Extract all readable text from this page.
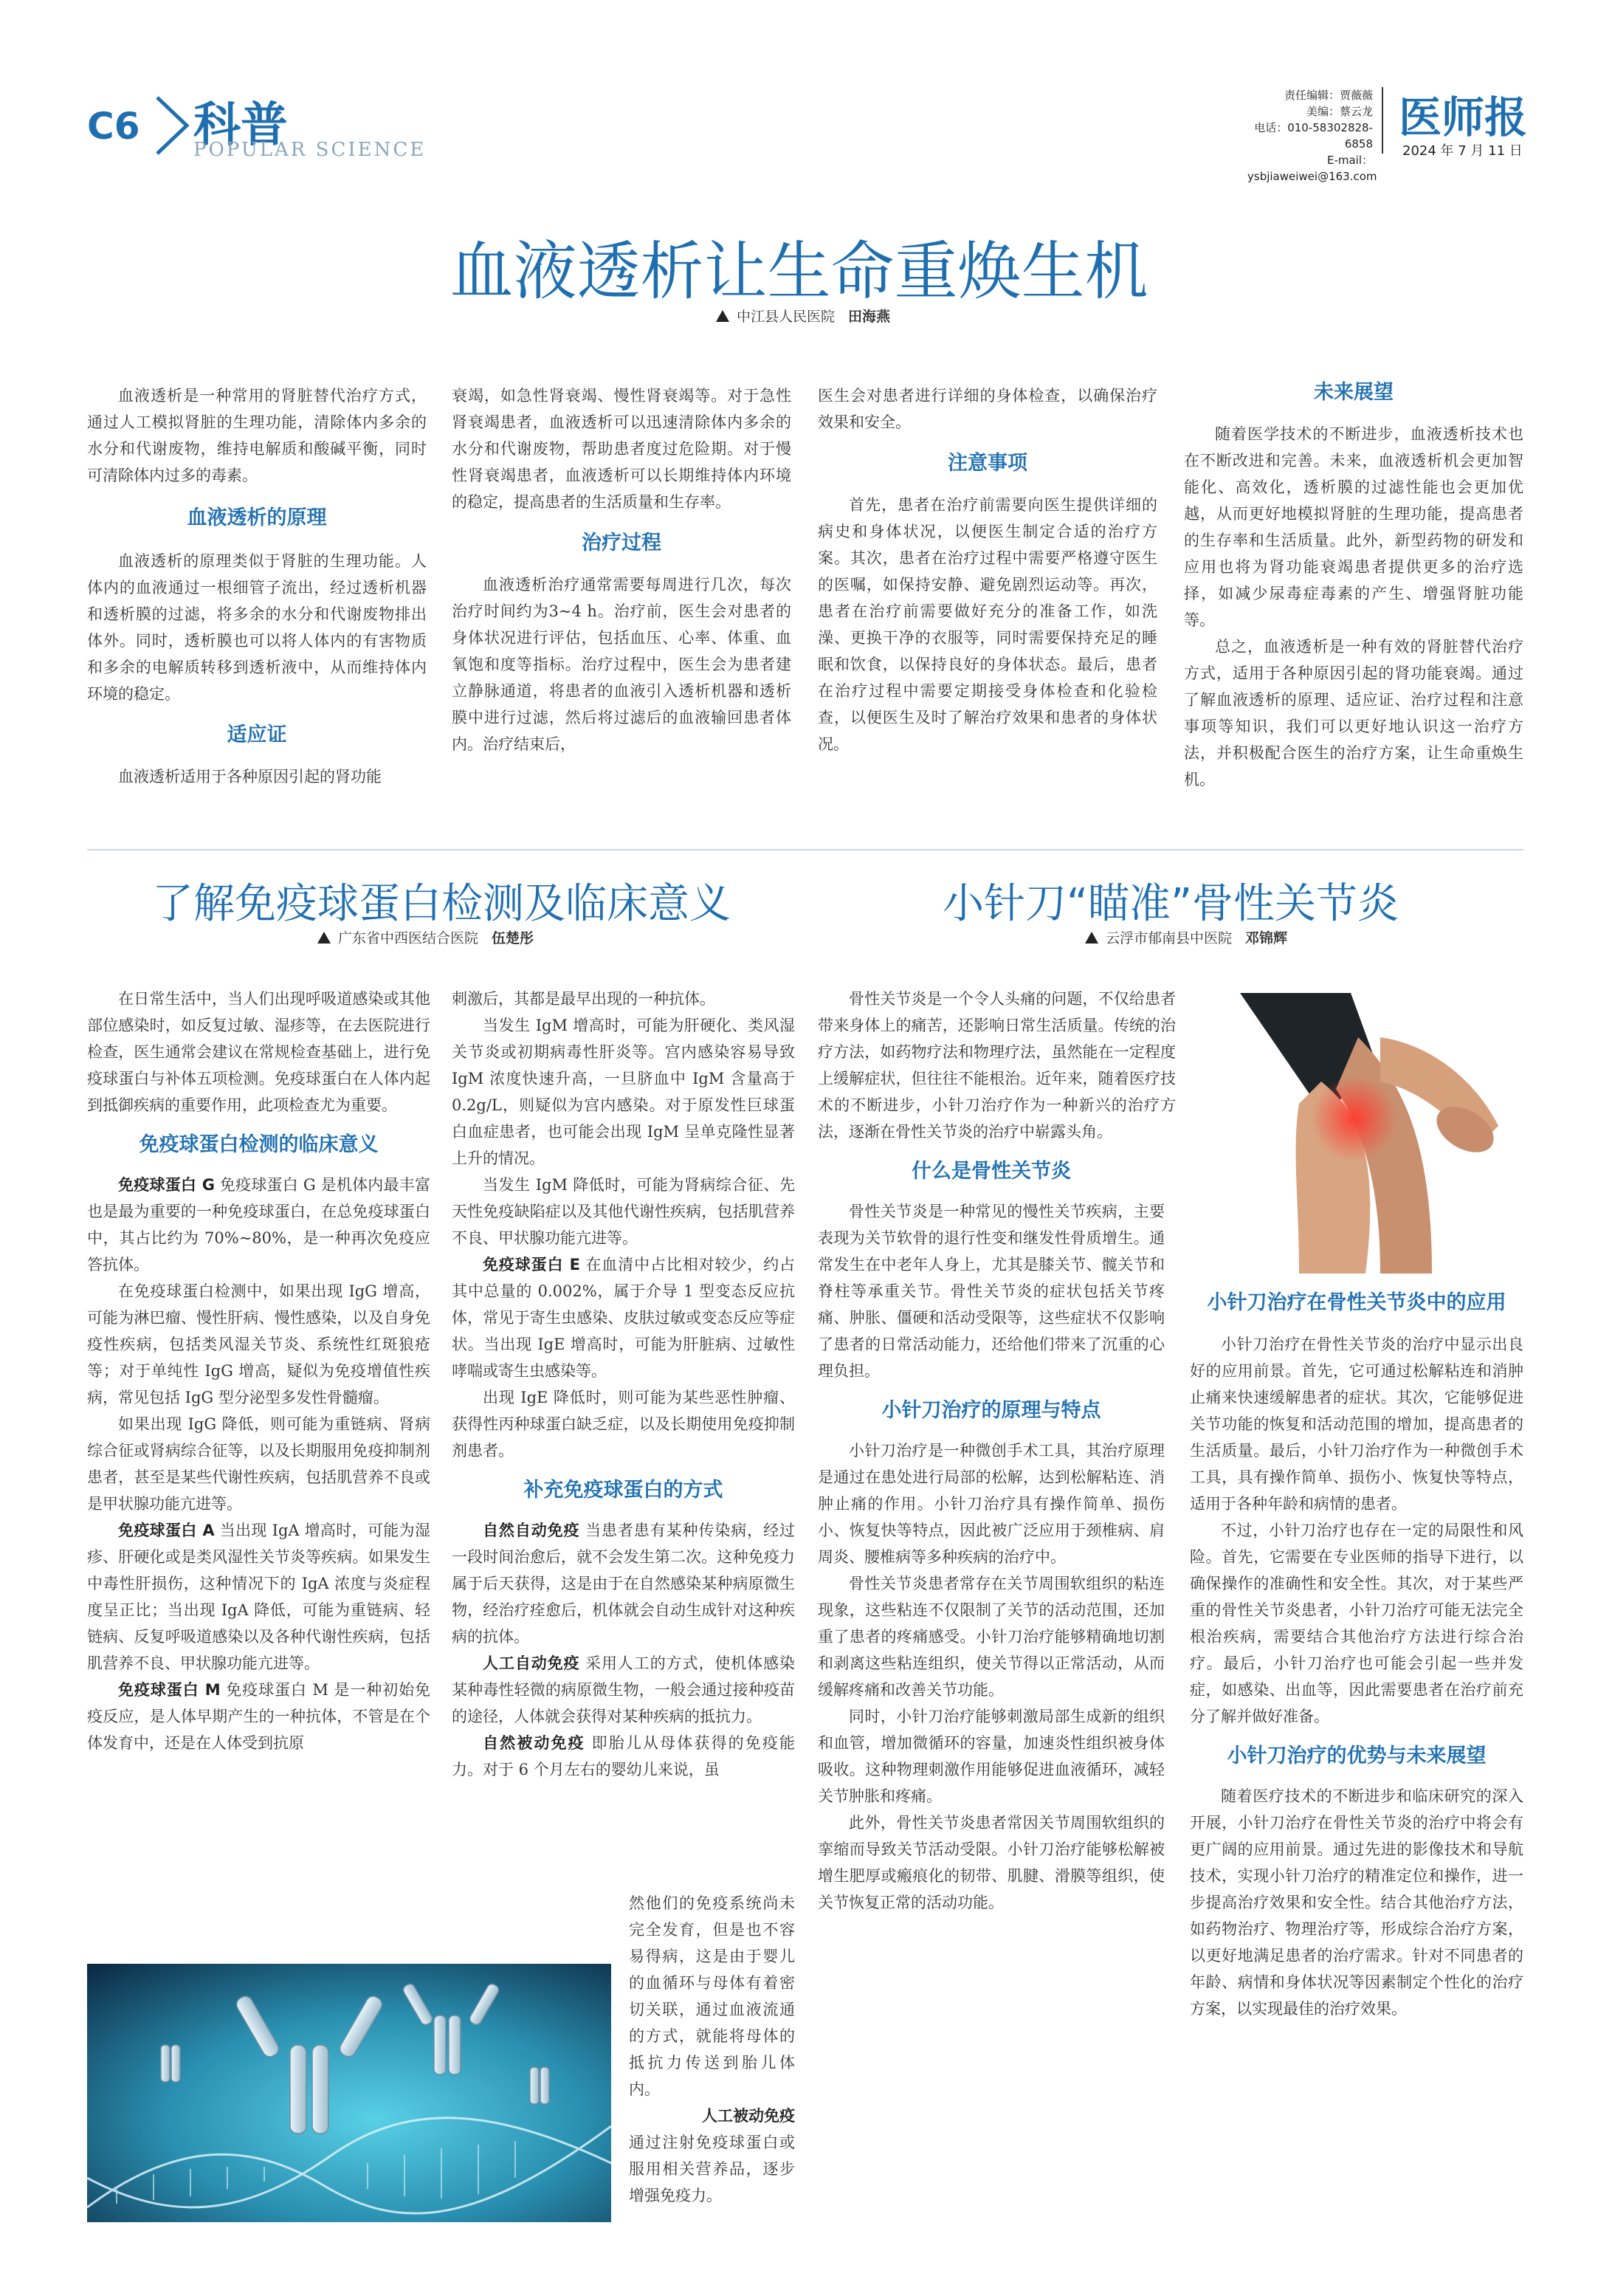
C6 科普
POPULAR SCIENCE
责任编辑：贾薇薇
美编：蔡云龙
电话：010-58302828-6858
E-mail：ysbjiaweiwei@163.com
医师报
2024 年 7 月 11 日
血液透析让生命重焕生机
中江县人民医院 田海燕

血液透析是一种常用的肾脏替代治疗方式，通过人工模拟肾脏的生理功能，清除体内多余的水分和代谢废物，维持电解质和酸碱平衡，同时可清除体内过多的毒素。

血液透析的原理

血液透析的原理类似于肾脏的生理功能。人体内的血液通过一根细管子流出，经过透析机器和透析膜的过滤，将多余的水分和代谢废物排出体外。同时，透析膜也可以将人体内的有害物质和多余的电解质转移到透析液中，从而维持体内环境的稳定。

适应证

血液透析适用于各种原因引起的肾功能

衰竭，如急性肾衰竭、慢性肾衰竭等。对于急性肾衰竭患者，血液透析可以迅速清除体内多余的水分和代谢废物，帮助患者度过危险期。对于慢性肾衰竭患者，血液透析可以长期维持体内环境的稳定，提高患者的生活质量和生存率。

治疗过程

血液透析治疗通常需要每周进行几次，每次治疗时间约为3~4 h。治疗前，医生会对患者的身体状况进行评估，包括血压、心率、体重、血氧饱和度等指标。治疗过程中，医生会为患者建立静脉通道，将患者的血液引入透析机器和透析膜中进行过滤，然后将过滤后的血液输回患者体内。治疗结束后，

医生会对患者进行详细的身体检查，以确保治疗效果和安全。

注意事项

首先，患者在治疗前需要向医生提供详细的病史和身体状况，以便医生制定合适的治疗方案。其次，患者在治疗过程中需要严格遵守医生的医嘱，如保持安静、避免剧烈运动等。再次，患者在治疗前需要做好充分的准备工作，如洗澡、更换干净的衣服等，同时需要保持充足的睡眠和饮食，以保持良好的身体状态。最后，患者在治疗过程中需要定期接受身体检查和化验检查，以便医生及时了解治疗效果和患者的身体状况。

未来展望

随着医学技术的不断进步，血液透析技术也在不断改进和完善。未来，血液透析机会更加智能化、高效化，透析膜的过滤性能也会更加优越，从而更好地模拟肾脏的生理功能，提高患者的生存率和生活质量。此外，新型药物的研发和应用也将为肾功能衰竭患者提供更多的治疗选择，如减少尿毒症毒素的产生、增强肾脏功能等。

总之，血液透析是一种有效的肾脏替代治疗方式，适用于各种原因引起的肾功能衰竭。通过了解血液透析的原理、适应证、治疗过程和注意事项等知识，我们可以更好地认识这一治疗方法，并积极配合医生的治疗方案，让生命重焕生机。

了解免疫球蛋白检测及临床意义
广东省中西医结合医院 伍楚彤

在日常生活中，当人们出现呼吸道感染或其他部位感染时，如反复过敏、湿疹等，在去医院进行检查，医生通常会建议在常规检查基础上，进行免疫球蛋白与补体五项检测。免疫球蛋白在人体内起到抵御疾病的重要作用，此项检查尤为重要。

免疫球蛋白检测的临床意义

免疫球蛋白 G 免疫球蛋白 G 是机体内最丰富也是最为重要的一种免疫球蛋白，在总免疫球蛋白中，其占比约为 70%~80%，是一种再次免疫应答抗体。

在免疫球蛋白检测中，如果出现 IgG 增高，可能为淋巴瘤、慢性肝病、慢性感染，以及自身免疫性疾病，包括类风湿关节炎、系统性红斑狼疮等；对于单纯性 IgG 增高，疑似为免疫增值性疾病，常见包括 IgG 型分泌型多发性骨髓瘤。

如果出现 IgG 降低，则可能为重链病、肾病综合征或肾病综合征等，以及长期服用免疫抑制剂患者，甚至是某些代谢性疾病，包括肌营养不良或是甲状腺功能亢进等。

免疫球蛋白 A 当出现 IgA 增高时，可能为湿疹、肝硬化或是类风湿性关节炎等疾病。如果发生中毒性肝损伤，这种情况下的 IgA 浓度与炎症程度呈正比；当出现 IgA 降低，可能为重链病、轻链病、反复呼吸道感染以及各种代谢性疾病，包括肌营养不良、甲状腺功能亢进等。

免疫球蛋白 M 免疫球蛋白 M 是一种初始免疫反应，是人体早期产生的一种抗体，不管是在个体发育中，还是在人体受到抗原

刺激后，其都是最早出现的一种抗体。

当发生 IgM 增高时，可能为肝硬化、类风湿关节炎或初期病毒性肝炎等。宫内感染容易导致 IgM 浓度快速升高，一旦脐血中 IgM 含量高于 0.2g/L，则疑似为宫内感染。对于原发性巨球蛋白血症患者，也可能会出现 IgM 呈单克隆性显著上升的情况。

当发生 IgM 降低时，可能为肾病综合征、先天性免疫缺陷症以及其他代谢性疾病，包括肌营养不良、甲状腺功能亢进等。

免疫球蛋白 E 在血清中占比相对较少，约占其中总量的 0.002%，属于介导 1 型变态反应抗体，常见于寄生虫感染、皮肤过敏或变态反应等症状。当出现 IgE 增高时，可能为肝脏病、过敏性哮喘或寄生虫感染等。

出现 IgE 降低时，则可能为某些恶性肿瘤、获得性丙种球蛋白缺乏症，以及长期使用免疫抑制剂患者。

补充免疫球蛋白的方式

自然自动免疫 当患者患有某种传染病，经过一段时间治愈后，就不会发生第二次。这种免疫力属于后天获得，这是由于在自然感染某种病原微生物，经治疗痊愈后，机体就会自动生成针对这种疾病的抗体。

人工自动免疫 采用人工的方式，使机体感染某种毒性轻微的病原微生物，一般会通过接种疫苗的途径，人体就会获得对某种疾病的抵抗力。

自然被动免疫 即胎儿从母体获得的免疫能力。对于 6 个月左右的婴幼儿来说，虽

然他们的免疫系统尚未完全发育，但是也不容易得病，这是由于婴儿的血循环与母体有着密切关联，通过血液流通的方式，就能将母体的抵抗力传送到胎儿体内。

人工被动免疫

通过注射免疫球蛋白或服用相关营养品，逐步增强免疫力。

小针刀“瞄准”骨性关节炎
云浮市郁南县中医院 邓锦辉

骨性关节炎是一个令人头痛的问题，不仅给患者带来身体上的痛苦，还影响日常生活质量。传统的治疗方法，如药物疗法和物理疗法，虽然能在一定程度上缓解症状，但往往不能根治。近年来，随着医疗技术的不断进步，小针刀治疗作为一种新兴的治疗方法，逐渐在骨性关节炎的治疗中崭露头角。

什么是骨性关节炎

骨性关节炎是一种常见的慢性关节疾病，主要表现为关节软骨的退行性变和继发性骨质增生。通常发生在中老年人身上，尤其是膝关节、髋关节和脊柱等承重关节。骨性关节炎的症状包括关节疼痛、肿胀、僵硬和活动受限等，这些症状不仅影响了患者的日常活动能力，还给他们带来了沉重的心理负担。

小针刀治疗的原理与特点

小针刀治疗是一种微创手术工具，其治疗原理是通过在患处进行局部的松解，达到松解粘连、消肿止痛的作用。小针刀治疗具有操作简单、损伤小、恢复快等特点，因此被广泛应用于颈椎病、肩周炎、腰椎病等多种疾病的治疗中。

骨性关节炎患者常存在关节周围软组织的粘连现象，这些粘连不仅限制了关节的活动范围，还加重了患者的疼痛感受。小针刀治疗能够精确地切割和剥离这些粘连组织，使关节得以正常活动，从而缓解疼痛和改善关节功能。

同时，小针刀治疗能够刺激局部生成新的组织和血管，增加微循环的容量，加速炎性组织被身体吸收。这种物理刺激作用能够促进血液循环，减轻关节肿胀和疼痛。

此外，骨性关节炎患者常因关节周围软组织的挛缩而导致关节活动受限。小针刀治疗能够松解被增生肥厚或瘢痕化的韧带、肌腱、滑膜等组织，使关节恢复正常的活动功能。

小针刀治疗在骨性关节炎中的应用

小针刀治疗在骨性关节炎的治疗中显示出良好的应用前景。首先，它可通过松解粘连和消肿止痛来快速缓解患者的症状。其次，它能够促进关节功能的恢复和活动范围的增加，提高患者的生活质量。最后，小针刀治疗作为一种微创手术工具，具有操作简单、损伤小、恢复快等特点，适用于各种年龄和病情的患者。

不过，小针刀治疗也存在一定的局限性和风险。首先，它需要在专业医师的指导下进行，以确保操作的准确性和安全性。其次，对于某些严重的骨性关节炎患者，小针刀治疗可能无法完全根治疾病，需要结合其他治疗方法进行综合治疗。最后，小针刀治疗也可能会引起一些并发症，如感染、出血等，因此需要患者在治疗前充分了解并做好准备。

小针刀治疗的优势与未来展望

随着医疗技术的不断进步和临床研究的深入开展，小针刀治疗在骨性关节炎的治疗中将会有更广阔的应用前景。通过先进的影像技术和导航技术，实现小针刀治疗的精准定位和操作，进一步提高治疗效果和安全性。结合其他治疗方法，如药物治疗、物理治疗等，形成综合治疗方案，以更好地满足患者的治疗需求。针对不同患者的年龄、病情和身体状况等因素制定个性化的治疗方案，以实现最佳的治疗效果。
